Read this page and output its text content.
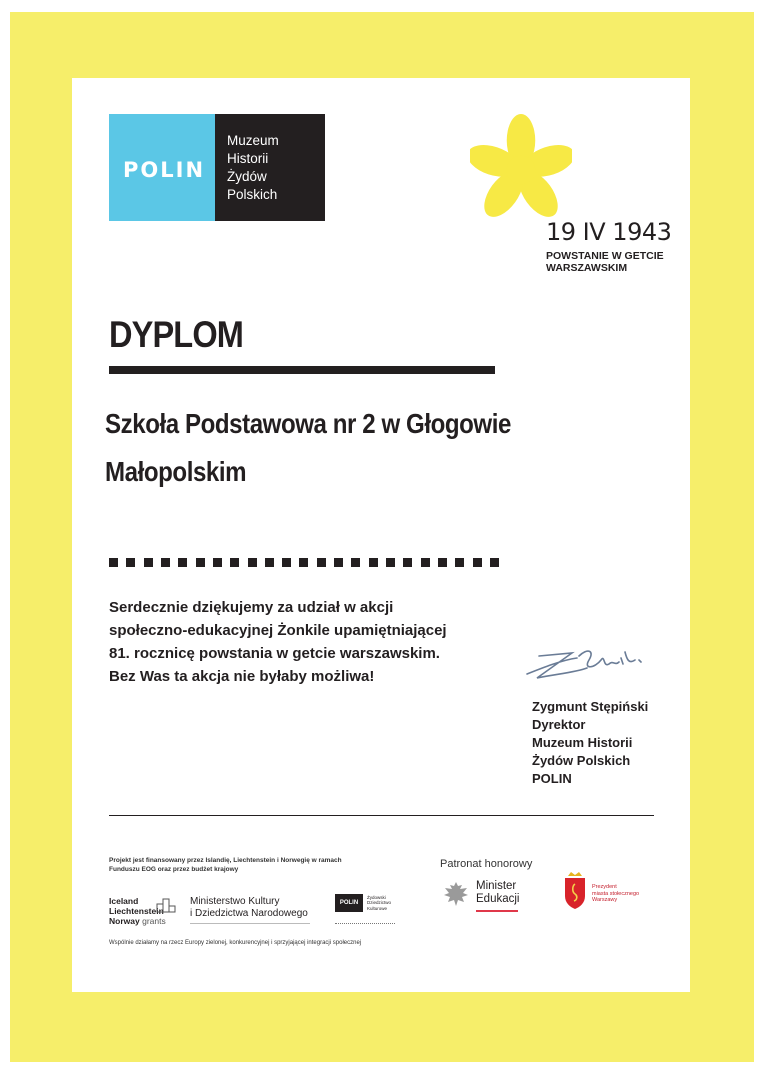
POLIN
Muzeum
Historii
Żydów
Polskich
19 IV 1943
POWSTANIE W GETCIE
WARSZAWSKIM
DYPLOM
Szkoła Podstawowa nr 2 w Głogowie
Małopolskim
Serdecznie dziękujemy za udział w akcji
społeczno-edukacyjnej Żonkile upamiętniającej
81. rocznicę powstania w getcie warszawskim.
Bez Was ta akcja nie byłaby możliwa!
Zygmunt Stępiński
Dyrektor
Muzeum Historii
Żydów Polskich
POLIN
Projekt jest finansowany przez Islandię, Liechtenstein i Norwegię w ramach
Funduszu EOG oraz przez budżet krajowy
Iceland
Liechtenstein
Norway grants
Ministerstwo Kultury
i Dziedzictwa Narodowego
POLIN
Żydowski
Dziedzictwo
Kulturowe
Wspólnie działamy na rzecz Europy zielonej, konkurencyjnej i sprzyjającej integracji społecznej
Patronat honorowy
Minister
Edukacji
Prezydent
miasta stołecznego
Warszawy
